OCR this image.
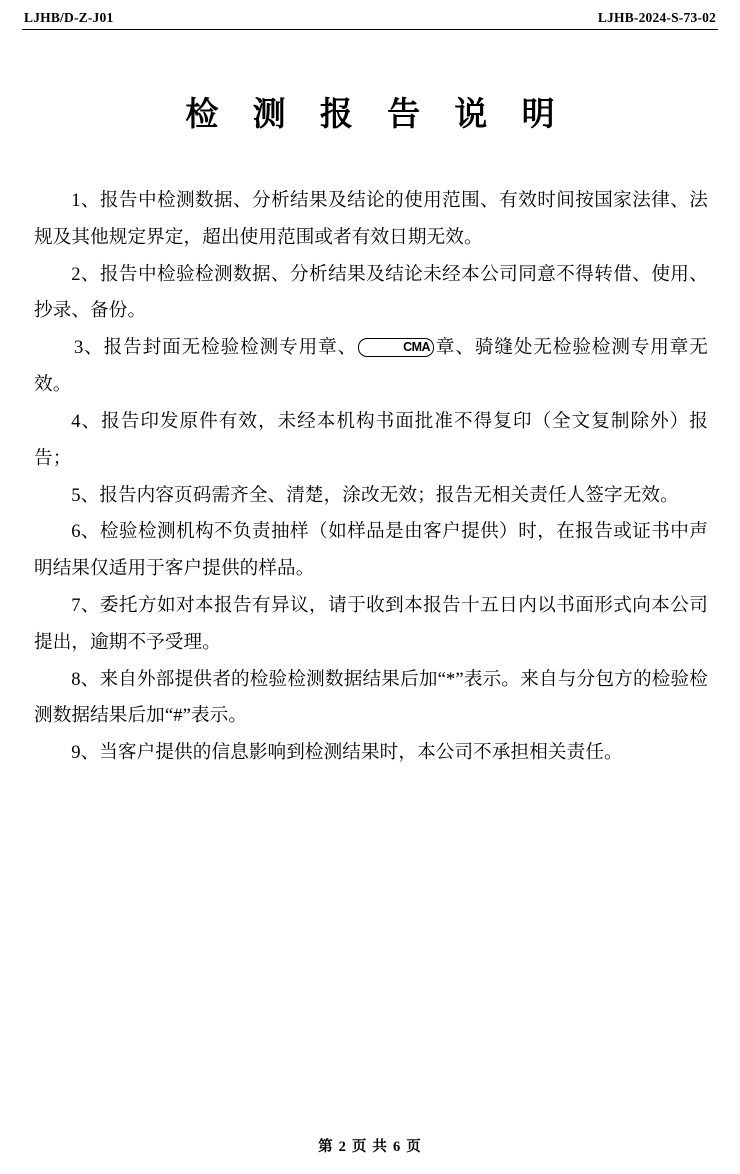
LJHB/D-Z-J01	LJHB-2024-S-73-02
检 测 报 告 说 明

1、报告中检测数据、分析结果及结论的使用范围、有效时间按国家法律、法规及其他规定界定，超出使用范围或者有效日期无效。

2、报告中检验检测数据、分析结果及结论未经本公司同意不得转借、使用、抄录、备份。

3、报告封面无检验检测专用章、	CMA 章、骑缝处无检验检测专用章无效。

4、报告印发原件有效，未经本机构书面批准不得复印（全文复制除外）报告；

5、报告内容页码需齐全、清楚，涂改无效；报告无相关责任人签字无效。

6、检验检测机构不负责抽样（如样品是由客户提供）时，在报告或证书中声明结果仅适用于客户提供的样品。

7、委托方如对本报告有异议，请于收到本报告十五日内以书面形式向本公司提出，逾期不予受理。

8、来自外部提供者的检验检测数据结果后加“*”表示。来自与分包方的检验检测数据结果后加“#”表示。

9、当客户提供的信息影响到检测结果时，本公司不承担相关责任。

第 2 页 共 6 页
